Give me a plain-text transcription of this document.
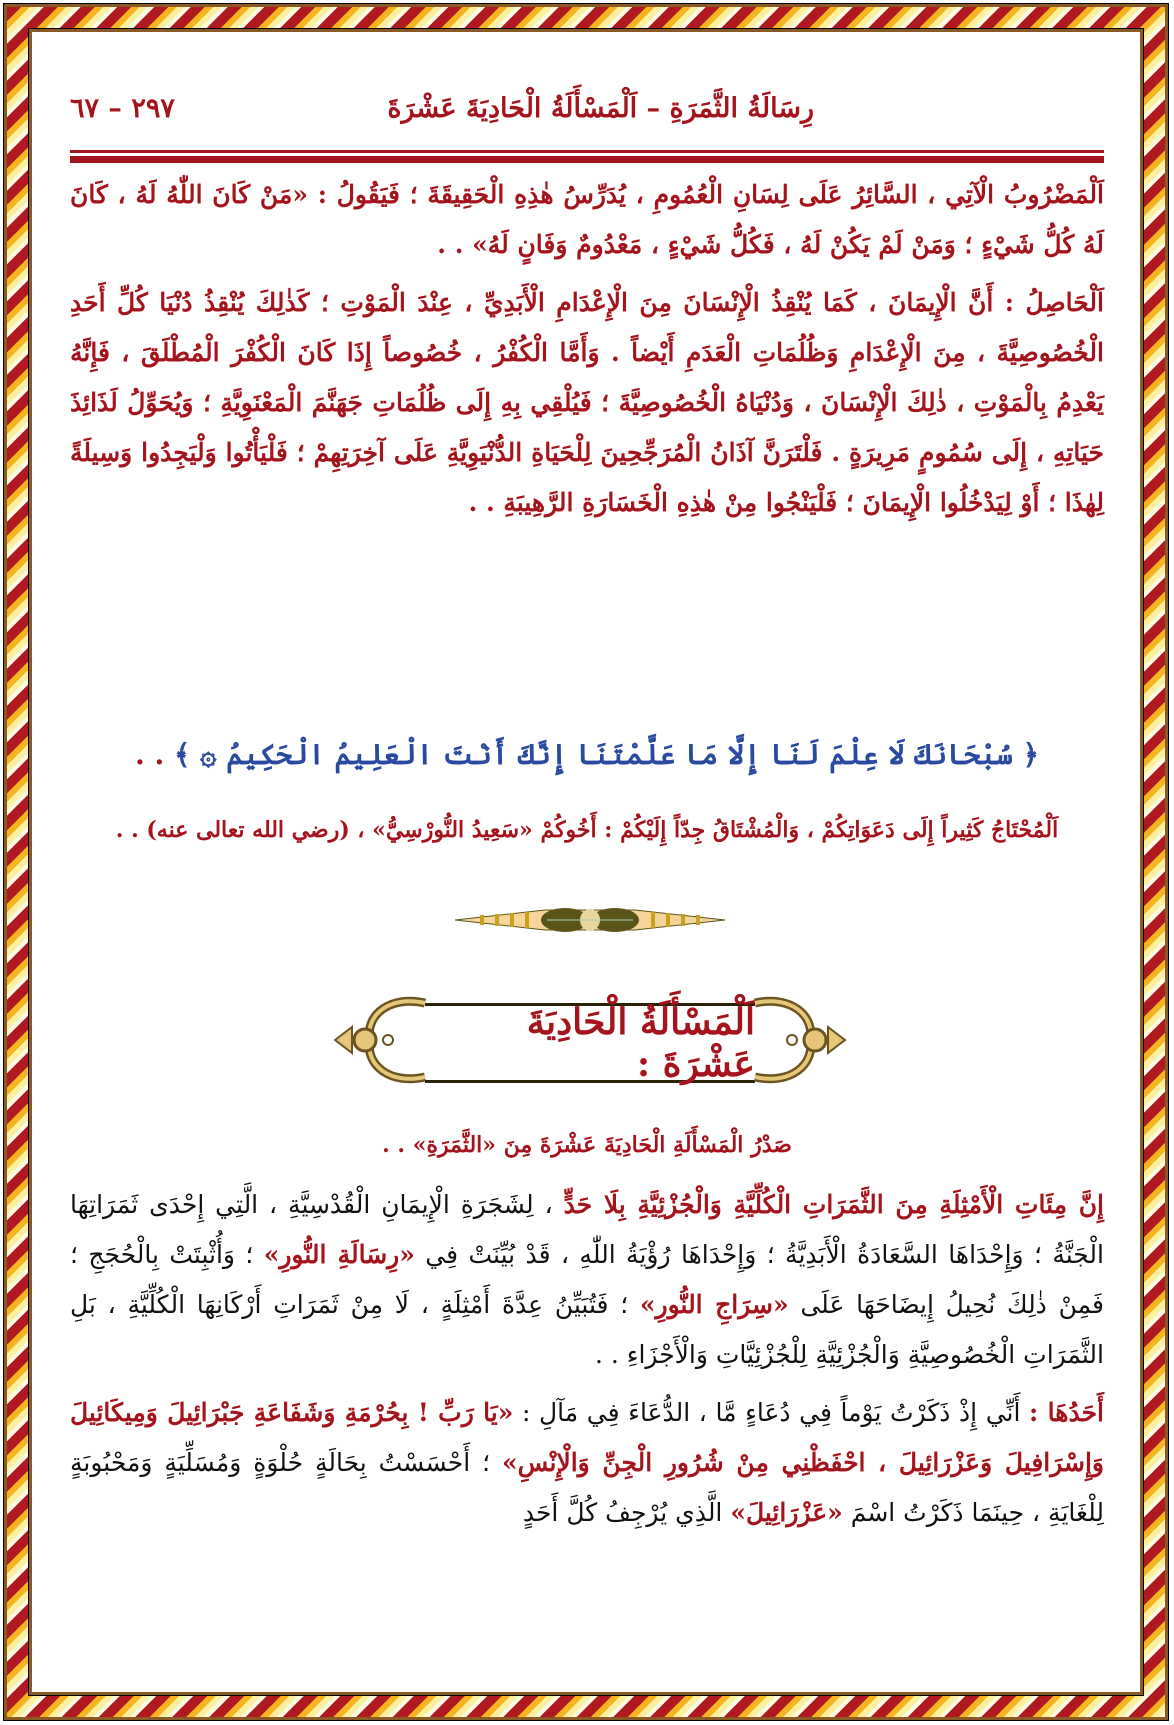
رِسَالَةُ الثَّمَرَةِ – اَلْمَسْأَلَةُ الْحَادِيَةَ عَشْرَةَ
٢٩٧ – ٦٧

اَلْمَضْرُوبُ الْآتِي ، السَّائِرُ عَلَى لِسَانِ الْعُمُومِ ، يُدَرِّسُ هٰذِهِ الْحَقِيقَةَ ؛ فَيَقُولُ : «مَنْ كَانَ اللّٰهُ لَهُ ، كَانَ لَهُ كُلُّ شَيْءٍ ؛ وَمَنْ لَمْ يَكُنْ لَهُ ، فَكُلُّ شَيْءٍ ، مَعْدُومٌ وَفَانٍ لَهُ» . .

اَلْحَاصِلُ : أَنَّ الْإِيمَانَ ، كَمَا يُنْقِذُ الْإِنْسَانَ مِنَ الْإِعْدَامِ الْأَبَدِيِّ ، عِنْدَ الْمَوْتِ ؛ كَذٰلِكَ يُنْقِذُ دُنْيَا كُلِّ أَحَدِ الْخُصُوصِيَّةَ ، مِنَ الْإِعْدَامِ وَظُلُمَاتِ الْعَدَمِ أَيْضاً . وَأَمَّا الْكُفْرُ ، خُصُوصاً إِذَا كَانَ الْكُفْرَ الْمُطْلَقَ ، فَإِنَّهُ يَعْدِمُ بِالْمَوْتِ ، ذٰلِكَ الْإِنْسَانَ ، وَدُنْيَاهُ الْخُصُوصِيَّةَ ؛ فَيُلْقِي بِهِ إِلَى ظُلُمَاتِ جَهَنَّمَ الْمَعْنَوِيَّةِ ؛ وَيُحَوِّلُ لَذَائِذَ حَيَاتِهِ ، إِلَى سُمُومٍ مَرِيرَةٍ . فَلْتَرَنَّ آذَانُ الْمُرَجِّحِينَ لِلْحَيَاةِ الدُّنْيَوِيَّةِ عَلَى آخِرَتِهِمْ ؛ فَلْيَأْتُوا وَلْيَجِدُوا وَسِيلَةً لِهٰذَا ؛ أَوْ لِيَدْخُلُوا الْإِيمَانَ ؛ فَلْيَنْجُوا مِنْ هٰذِهِ الْخَسَارَةِ الرَّهِيبَةِ . .

﴿ سُبْحَانَكَ لَا عِلْمَ لَنَا إِلَّا مَا عَلَّمْتَنَا إِنَّكَ أَنْتَ الْعَلِيمُ الْحَكِيمُ ۞ ﴾ . .
اَلْمُحْتَاجُ كَثِيراً إِلَى دَعَوَاتِكُمْ ، وَالْمُشْتَاقُ جِدّاً إِلَيْكُمْ : أَخُوكُمْ «سَعِيدُ النُّورْسِيُّ» ، (رضي الله تعالى عنه) . .
اَلْمَسْأَلَةُ الْحَادِيَةَ عَشْرَةَ :
صَدْرُ الْمَسْأَلَةِ الْحَادِيَةَ عَشْرَةَ مِنَ «الثَّمَرَةِ» . .

إِنَّ مِئَاتِ الْأَمْثِلَةِ مِنَ الثَّمَرَاتِ الْكُلِّيَّةِ وَالْجُزْئِيَّةِ بِلَا حَدٍّ ، لِشَجَرَةِ الْإِيمَانِ الْقُدْسِيَّةِ ، الَّتِي إِحْدَى ثَمَرَاتِهَا الْجَنَّةُ ؛ وَإِحْدَاهَا السَّعَادَةُ الْأَبَدِيَّةُ ؛ وَإِحْدَاهَا رُؤْيَةُ اللّٰهِ ، قَدْ بُيِّنَتْ فِي «رِسَالَةِ النُّورِ» ؛ وَأُثْبِتَتْ بِالْحُجَجِ ؛ فَمِنْ ذٰلِكَ نُحِيلُ إِيضَاحَهَا عَلَى «سِرَاجِ النُّورِ» ؛ فَتُبَيِّنُ عِدَّةَ أَمْثِلَةٍ ، لَا مِنْ ثَمَرَاتِ أَرْكَانِهَا الْكُلِّيَّةِ ، بَلِ الثَّمَرَاتِ الْخُصُوصِيَّةِ وَالْجُزْئِيَّةِ لِلْجُزْئِيَّاتِ وَالْأَجْزَاءِ . .

أَحَدُهَا : أَنِّي إِذْ ذَكَرْتُ يَوْماً فِي دُعَاءٍ مَّا ، الدُّعَاءَ فِي مَآلِ : «يَا رَبِّ ! بِحُرْمَةِ وَشَفَاعَةِ جَبْرَائِيلَ وَمِيكَائِيلَ وَإِسْرَافِيلَ وَعَزْرَائِيلَ ، احْفَظْنِي مِنْ شُرُورِ الْجِنِّ وَالْإِنْسِ» ؛ أَحْسَسْتُ بِحَالَةٍ حُلْوَةٍ وَمُسَلِّيَةٍ وَمَحْبُوبَةٍ لِلْغَايَةِ ، حِينَمَا ذَكَرْتُ اسْمَ «عَزْرَائِيلَ» الَّذِي يُرْجِفُ كُلَّ أَحَدٍ
